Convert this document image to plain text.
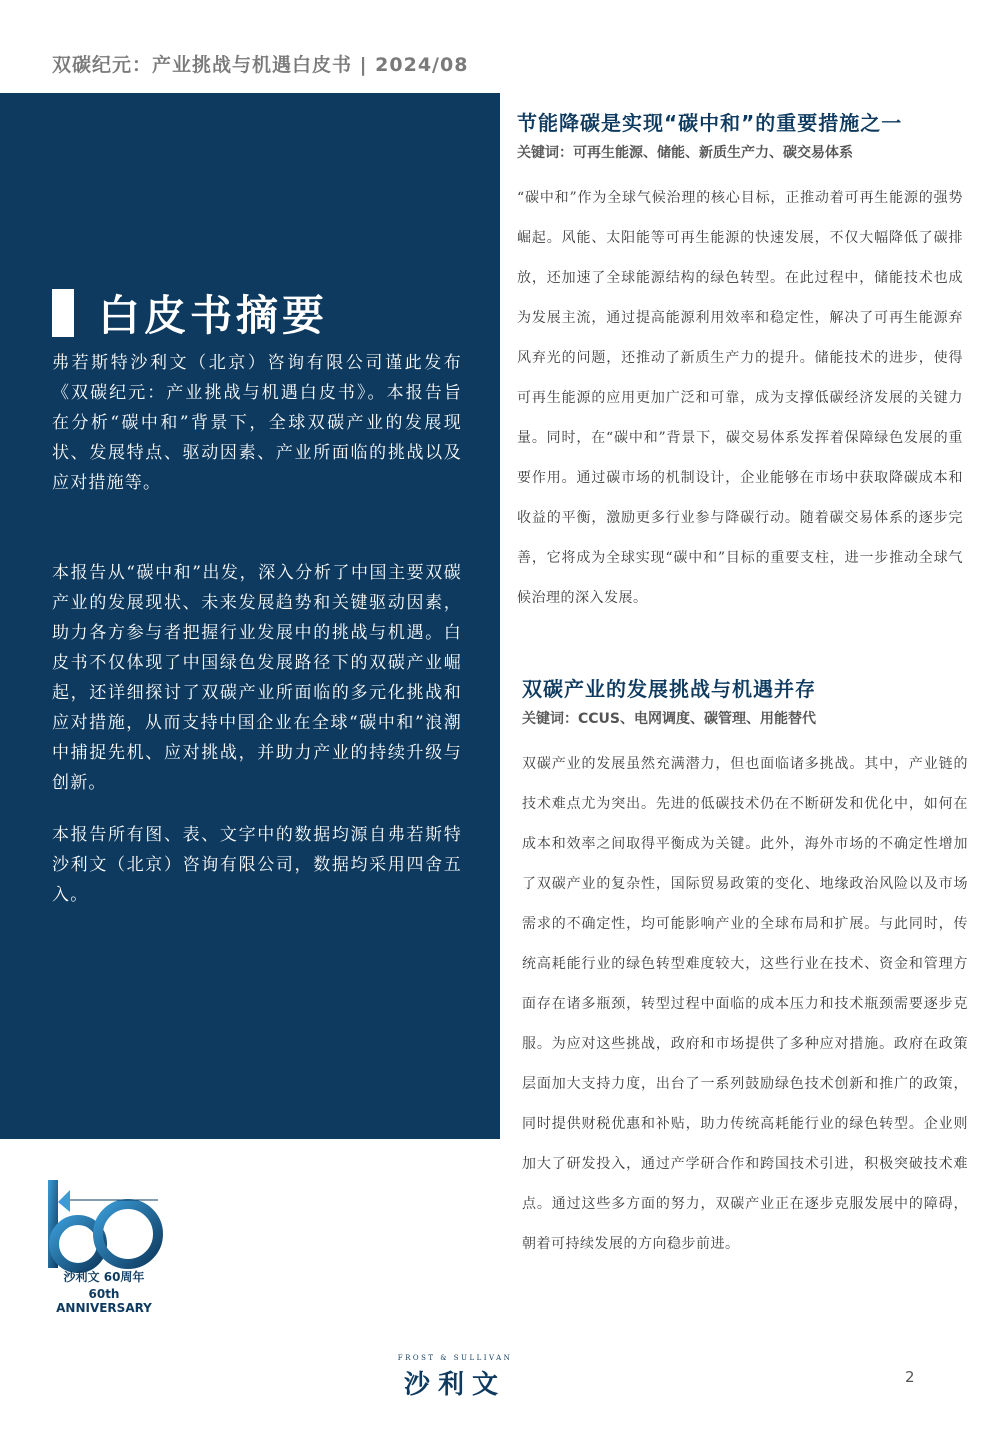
双碳纪元：产业挑战与机遇白皮书 | 2024/08
白皮书摘要
弗若斯特沙利文（北京）咨询有限公司谨此发布《双碳纪元：产业挑战与机遇白皮书》。本报告旨在分析“碳中和”背景下，全球双碳产业的发展现状、发展特点、驱动因素、产业所面临的挑战以及应对措施等。
本报告从“碳中和”出发，深入分析了中国主要双碳产业的发展现状、未来发展趋势和关键驱动因素，助力各方参与者把握行业发展中的挑战与机遇。白皮书不仅体现了中国绿色发展路径下的双碳产业崛起，还详细探讨了双碳产业所面临的多元化挑战和应对措施，从而支持中国企业在全球“碳中和”浪潮中捕捉先机、应对挑战，并助力产业的持续升级与创新。
本报告所有图、表、文字中的数据均源自弗若斯特沙利文（北京）咨询有限公司，数据均采用四舍五入。
节能降碳是实现“碳中和”的重要措施之一
关键词：可再生能源、储能、新质生产力、碳交易体系
“碳中和”作为全球气候治理的核心目标，正推动着可再生能源的强势崛起。风能、太阳能等可再生能源的快速发展，不仅大幅降低了碳排放，还加速了全球能源结构的绿色转型。在此过程中，储能技术也成为发展主流，通过提高能源利用效率和稳定性，解决了可再生能源弃风弃光的问题，还推动了新质生产力的提升。储能技术的进步，使得可再生能源的应用更加广泛和可靠，成为支撑低碳经济发展的关键力量。同时，在“碳中和”背景下，碳交易体系发挥着保障绿色发展的重要作用。通过碳市场的机制设计，企业能够在市场中获取降碳成本和收益的平衡，激励更多行业参与降碳行动。随着碳交易体系的逐步完善，它将成为全球实现“碳中和”目标的重要支柱，进一步推动全球气候治理的深入发展。
双碳产业的发展挑战与机遇并存
关键词：CCUS、电网调度、碳管理、用能替代
双碳产业的发展虽然充满潜力，但也面临诸多挑战。其中，产业链的技术难点尤为突出。先进的低碳技术仍在不断研发和优化中，如何在成本和效率之间取得平衡成为关键。此外，海外市场的不确定性增加了双碳产业的复杂性，国际贸易政策的变化、地缘政治风险以及市场需求的不确定性，均可能影响产业的全球布局和扩展。与此同时，传统高耗能行业的绿色转型难度较大，这些行业在技术、资金和管理方面存在诸多瓶颈，转型过程中面临的成本压力和技术瓶颈需要逐步克服。为应对这些挑战，政府和市场提供了多种应对措施。政府在政策层面加大支持力度，出台了一系列鼓励绿色技术创新和推广的政策，同时提供财税优惠和补贴，助力传统高耗能行业的绿色转型。企业则加大了研发投入，通过产学研合作和跨国技术引进，积极突破技术难点。通过这些多方面的努力，双碳产业正在逐步克服发展中的障碍，朝着可持续发展的方向稳步前进。
沙利文 60周年
60th ANNIVERSARY
FROST & SULLIVAN
沙利文	2
